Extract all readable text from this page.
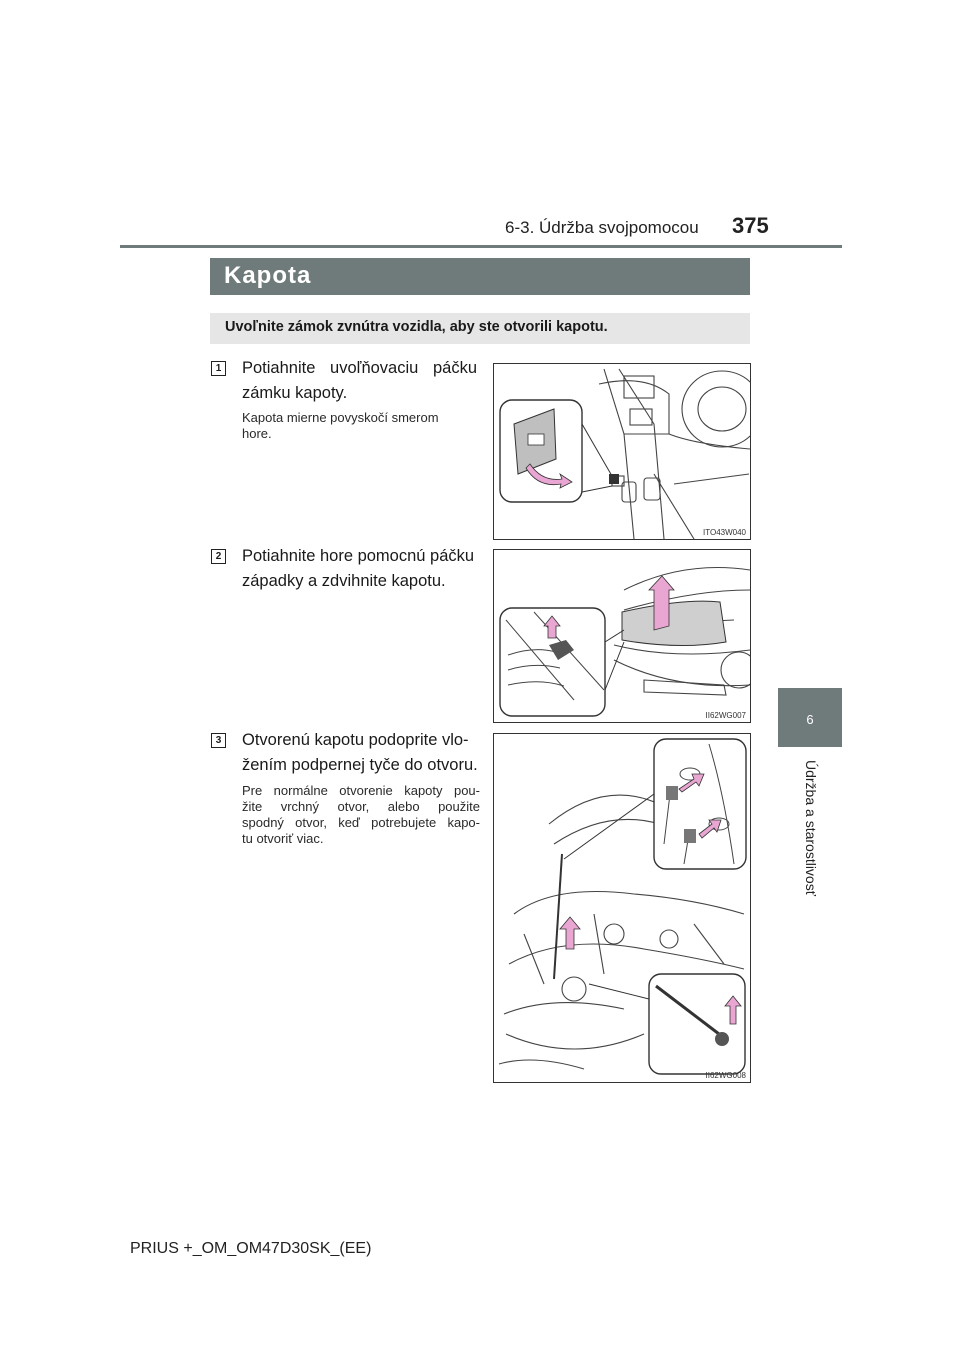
6-3. Údržba svojpomocou 375
6
Údržba a starostlivosť
Kapota
Uvoľnite zámok zvnútra vozidla, aby ste otvorili kapotu.
1 Potiahnite uvoľňovaciu páčku
zámku kapoty.
Kapota mierne povyskočí smerom
hore.
ITO43W040
2 Potiahnite hore pomocnú páčku
západky a zdvihnite kapotu.
II62WG007
3 Otvorenú kapotu podoprite vlo-
žením podpernej tyče do otvoru.
Pre normálne otvorenie kapoty pou-
žite vrchný otvor, alebo použite
spodný otvor, keď potrebujete kapo-
tu otvoriť viac.
II62WG008
PRIUS +_OM_OM47D30SK_(EE)
